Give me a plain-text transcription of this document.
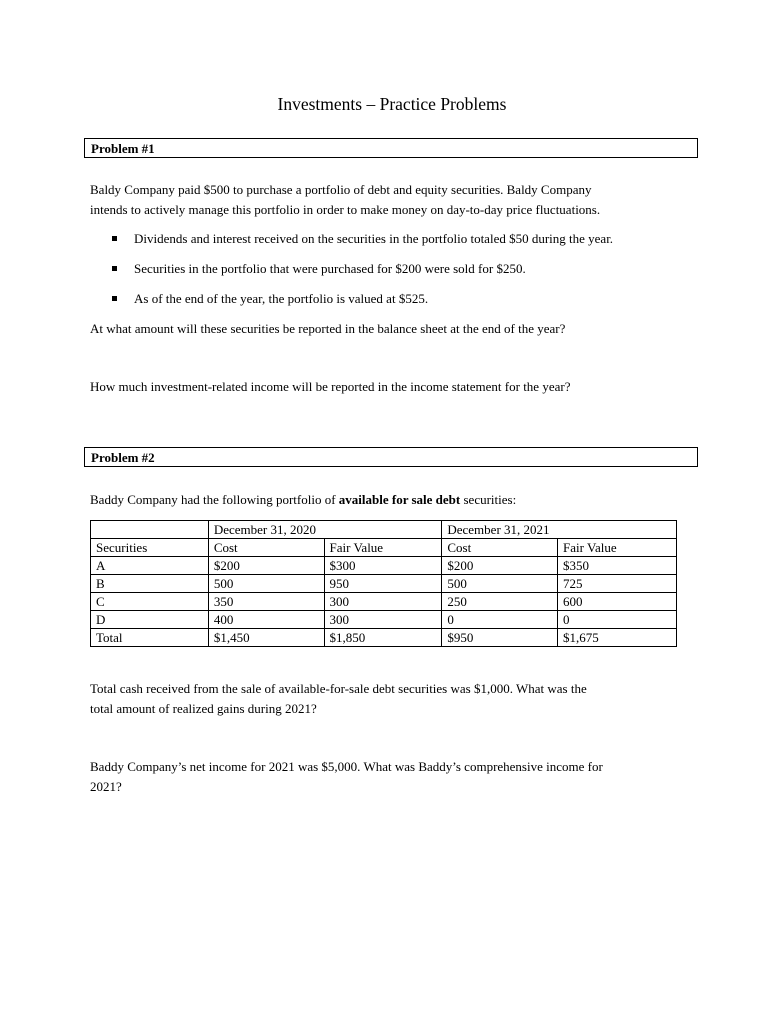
Investments – Practice Problems
Problem #1
Baldy Company paid $500 to purchase a portfolio of debt and equity securities. Baldy Company
intends to actively manage this portfolio in order to make money on day-to-day price fluctuations.
Dividends and interest received on the securities in the portfolio totaled $50 during the year.
Securities in the portfolio that were purchased for $200 were sold for $250.
As of the end of the year, the portfolio is valued at $525.
At what amount will these securities be reported in the balance sheet at the end of the year?
How much investment-related income will be reported in the income statement for the year?
Problem #2
Baddy Company had the following portfolio of available for sale debt securities:
	December 31, 2020		December 31, 2021	
Securities	Cost	Fair Value	Cost	Fair Value
A	$200	$300	$200	$350
B	500	950	500	725
C	350	300	250	600
D	400	300	0	0
Total	$1,450	$1,850	$950	$1,675
Total cash received from the sale of available-for-sale debt securities was $1,000. What was the
total amount of realized gains during 2021?
Baddy Company’s net income for 2021 was $5,000. What was Baddy’s comprehensive income for
2021?
